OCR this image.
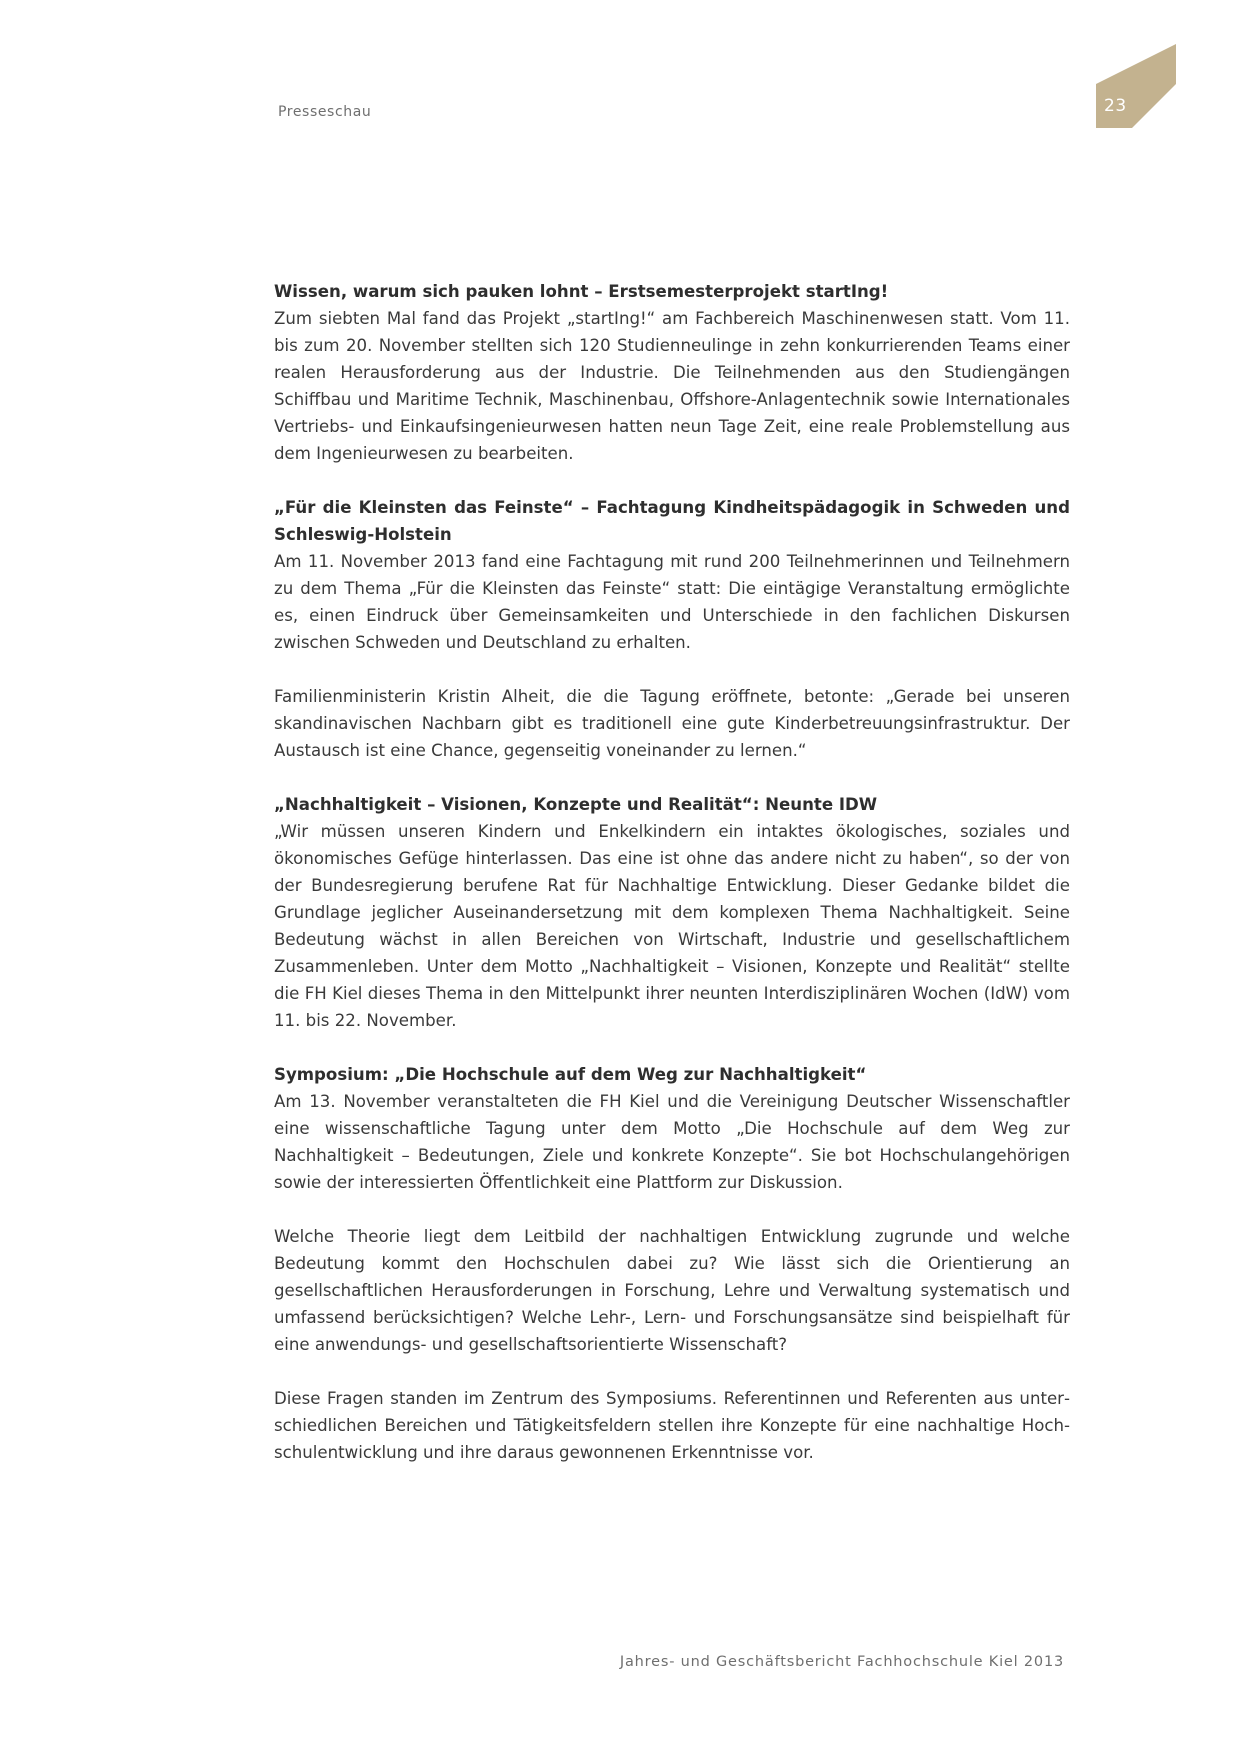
Presseschau	23

Wissen, warum sich pauken lohnt – Erstsemesterprojekt startIng!

Zum siebten Mal fand das Projekt „startIng!“ am Fachbereich Maschinenwesen statt. Vom 11. bis zum 20. November stellten sich 120 Studienneulinge in zehn konkurrierenden Teams einer realen Herausforderung aus der Industrie. Die Teilnehmenden aus den Studiengängen Schiffbau und Maritime Technik, Maschinenbau, Offshore-Anlagentechnik sowie Internationales Vertriebs- und Einkaufsingenieurwesen hatten neun Tage Zeit, eine reale Problemstellung aus dem Ingenieurwesen zu bearbeiten.

„Für die Kleinsten das Feinste“ – Fachtagung Kindheitspädagogik in Schweden und Schleswig-Holstein

Am 11. November 2013 fand eine Fachtagung mit rund 200 Teilnehmerinnen und Teilnehmern zu dem Thema „Für die Kleinsten das Feinste“ statt: Die eintägige Veranstaltung ermöglichte es, einen Eindruck über Gemeinsamkeiten und Unterschiede in den fachlichen Diskursen zwischen Schweden und Deutschland zu erhalten.

Familienministerin Kristin Alheit, die die Tagung eröffnete, betonte: „Gerade bei unseren skandinavischen Nachbarn gibt es traditionell eine gute Kinderbetreuungsinfrastruktur. Der Austausch ist eine Chance, gegenseitig voneinander zu lernen.“

„Nachhaltigkeit – Visionen, Konzepte und Realität“: Neunte IDW

„Wir müssen unseren Kindern und Enkelkindern ein intaktes ökologisches, soziales und ökonomisches Gefüge hinterlassen. Das eine ist ohne das andere nicht zu haben“, so der von der Bundesregierung berufene Rat für Nachhaltige Entwicklung. Dieser Gedanke bildet die Grundlage jeglicher Auseinandersetzung mit dem komplexen Thema Nachhaltigkeit. Seine Bedeutung wächst in allen Bereichen von Wirtschaft, Industrie und gesellschaftlichem Zusammenleben. Unter dem Motto „Nachhaltigkeit – Visionen, Konzepte und Realität“ stellte die FH Kiel dieses Thema in den Mittelpunkt ihrer neunten Interdisziplinären Wochen (IdW) vom 11. bis 22. November.

Symposium: „Die Hochschule auf dem Weg zur Nachhaltigkeit“

Am 13. November veranstalteten die FH Kiel und die Vereinigung Deutscher Wissenschaftler eine wissenschaftliche Tagung unter dem Motto „Die Hochschule auf dem Weg zur Nachhaltigkeit – Bedeutungen, Ziele und konkrete Konzepte“. Sie bot Hochschulangehörigen sowie der interessierten Öffentlichkeit eine Plattform zur Diskussion.

Welche Theorie liegt dem Leitbild der nachhaltigen Entwicklung zugrunde und welche Bedeutung kommt den Hochschulen dabei zu? Wie lässt sich die Orientierung an gesellschaftlichen Herausforderungen in Forschung, Lehre und Verwaltung systematisch und umfassend berücksichtigen? Welche Lehr-, Lern- und Forschungsansätze sind beispielhaft für eine anwendungs- und gesellschaftsorientierte Wissenschaft?

Diese Fragen standen im Zentrum des Symposiums. Referentinnen und Referenten aus unterschiedlichen Bereichen und Tätigkeitsfeldern stellen ihre Konzepte für eine nachhaltige Hochschulentwicklung und ihre daraus gewonnenen Erkenntnisse vor.

Jahres- und Geschäftsbericht Fachhochschule Kiel 2013
